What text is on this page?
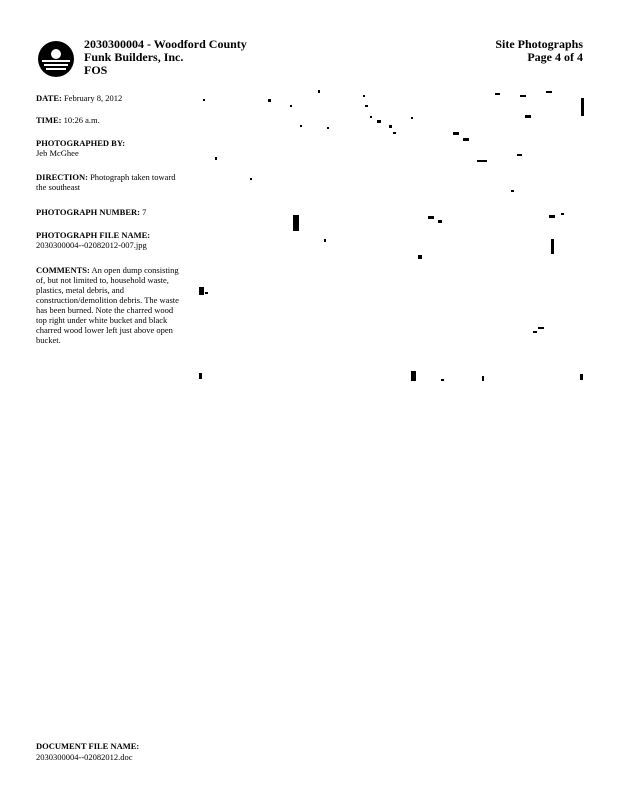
2030300004 - Woodford County
Funk Builders, Inc.
FOS
Site Photographs
Page 4 of 4
DATE: February 8, 2012
TIME: 10:26 a.m.
PHOTOGRAPHED BY:
Jeb McGhee
DIRECTION: Photograph taken toward the southeast
PHOTOGRAPH NUMBER: 7
PHOTOGRAPH FILE NAME:
2030300004--02082012-007.jpg
COMMENTS: An open dump consisting of, but not limited to, household waste, plastics, metal debris, and construction/demolition debris. The waste has been burned. Note the charred wood top right under white bucket and black charred wood lower left just above open bucket.
DOCUMENT FILE NAME:
2030300004--02082012.doc
